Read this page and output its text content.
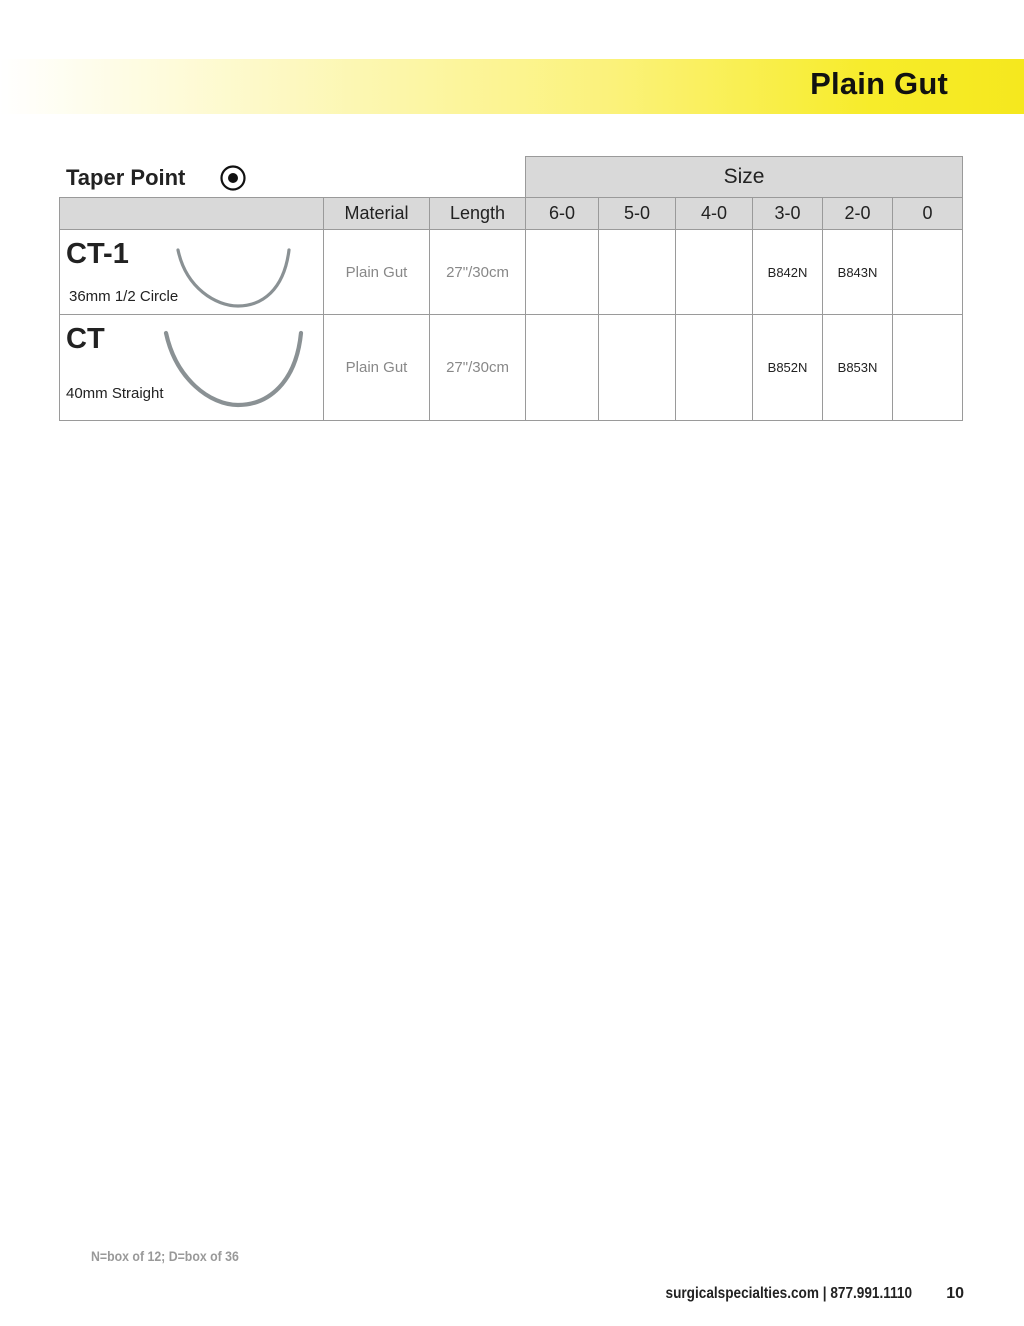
Plain Gut
Taper Point
			Size					
	Material	Length	6-0	5-0	4-0	3-0	2-0	0

CT-1
36mm 1/2 Circle	Plain Gut	27"/30cm				B842N	B843N	

CT
40mm Straight	Plain Gut	27"/30cm				B852N	B853N	
N=box of 12; D=box of 36
surgicalspecialties.com | 877.991.1110 10
